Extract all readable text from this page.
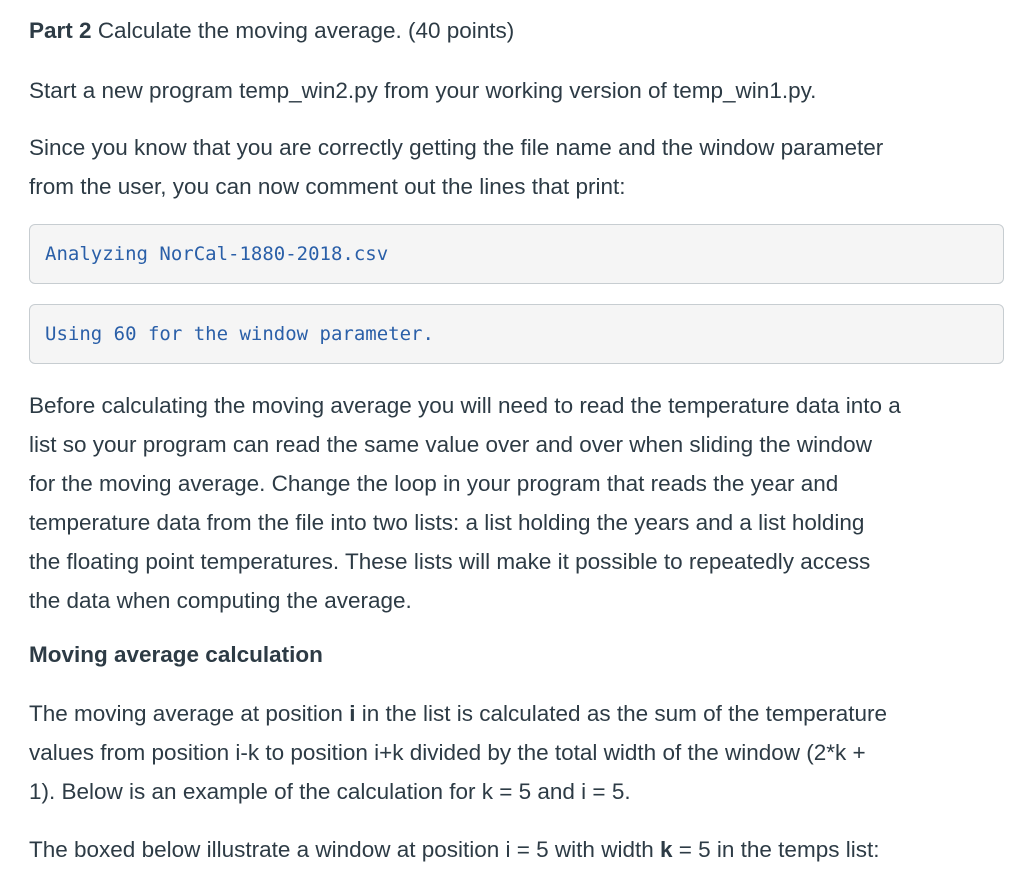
Part 2 Calculate the moving average. (40 points)

Start a new program temp_win2.py from your working version of temp_win1.py.

Since you know that you are correctly getting the file name and the window parameter
from the user, you can now comment out the lines that print:

Analyzing NorCal-1880-2018.csv
Using 60 for the window parameter.

Before calculating the moving average you will need to read the temperature data into a
list so your program can read the same value over and over when sliding the window
for the moving average. Change the loop in your program that reads the year and
temperature data from the file into two lists: a list holding the years and a list holding
the floating point temperatures. These lists will make it possible to repeatedly access
the data when computing the average.

Moving average calculation

The moving average at position i in the list is calculated as the sum of the temperature
values from position i-k to position i+k divided by the total width of the window (2*k +
1). Below is an example of the calculation for k = 5 and i = 5.

The boxed below illustrate a window at position i = 5 with width k = 5 in the temps list:
